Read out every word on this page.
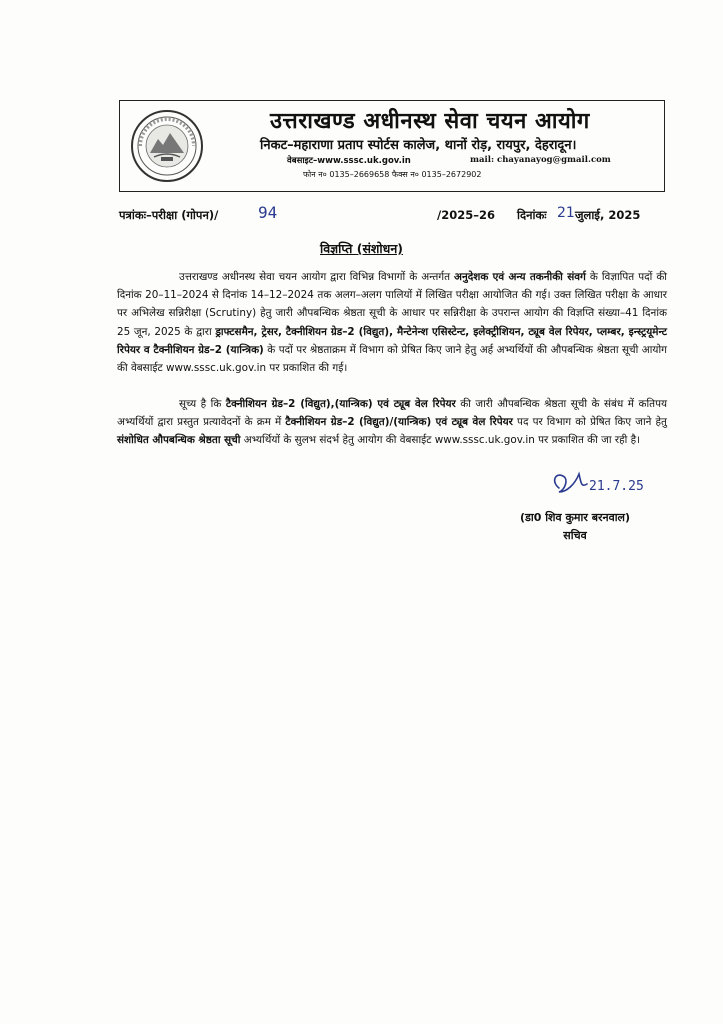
उत्तराखण्ड अधीनस्थ सेवा चयन आयोग
निकट–महाराणा प्रताप स्पोर्टस कालेज, थानों रोड़, रायपुर, देहरादून।
वेबसाइट–www.sssc.uk.gov.in	mail: chayanayog@gmail.com
फोन न० 0135–2669658 फैक्स न० 0135–2672902
पत्रांकः–परीक्षा (गोपन)/ 94	/2025–26 दिनांकः 21 जुलाई, 2025
विज्ञप्ति (संशोधन)
उत्तराखण्ड अधीनस्थ सेवा चयन आयोग द्वारा विभिन्न विभागों के अन्तर्गत अनुदेशक एवं अन्य तकनीकी संवर्ग के विज्ञापित पदों की दिनांक 20–11–2024 से दिनांक 14–12–2024 तक अलग–अलग पालियों में लिखित परीक्षा आयोजित की गई। उक्त लिखित परीक्षा के आधार पर अभिलेख सन्निरीक्षा (Scrutiny) हेतु जारी औपबन्धिक श्रेष्ठता सूची के आधार पर सन्निरीक्षा के उपरान्त आयोग की विज्ञप्ति संख्या–41 दिनांक 25 जून, 2025 के द्वारा ड्राफ्टसमैन, ट्रेसर, टैक्नीशियन ग्रेड–2 (विद्युत), मैन्टेनेन्श एसिस्टेन्ट, इलेक्ट्रीशियन, ट्यूब वेल रिपेयर, प्लम्बर, इन्स्ट्रयूमेन्ट रिपेयर व टैक्नीशियन ग्रेड–2 (यान्त्रिक) के पदों पर श्रेष्ठताक्रम में विभाग को प्रेषित किए जाने हेतु अर्ह अभ्यर्थियों की औपबन्धिक श्रेष्ठता सूची आयोग की वेबसाईट www.sssc.uk.gov.in पर प्रकाशित की गई।
सूच्य है कि टैक्नीशियन ग्रेड–2 (विद्युत),(यान्त्रिक) एवं ट्यूब वेल रिपेयर की जारी औपबन्धिक श्रेष्ठता सूची के संबंध में कतिपय अभ्यर्थियों द्वारा प्रस्तुत प्रत्यावेदनों के क्रम में टैक्नीशियन ग्रेड–2 (विद्युत)/(यान्त्रिक) एवं ट्यूब वेल रिपेयर पद पर विभाग को प्रेषित किए जाने हेतु संशोधित औपबन्धिक श्रेष्ठता सूची अभ्यर्थियों के सुलभ संदर्भ हेतु आयोग की वेबसाईट www.sssc.uk.gov.in पर प्रकाशित की जा रही है।
21.7.25
(डा0 शिव कुमार बरनवाल)
सचिव
